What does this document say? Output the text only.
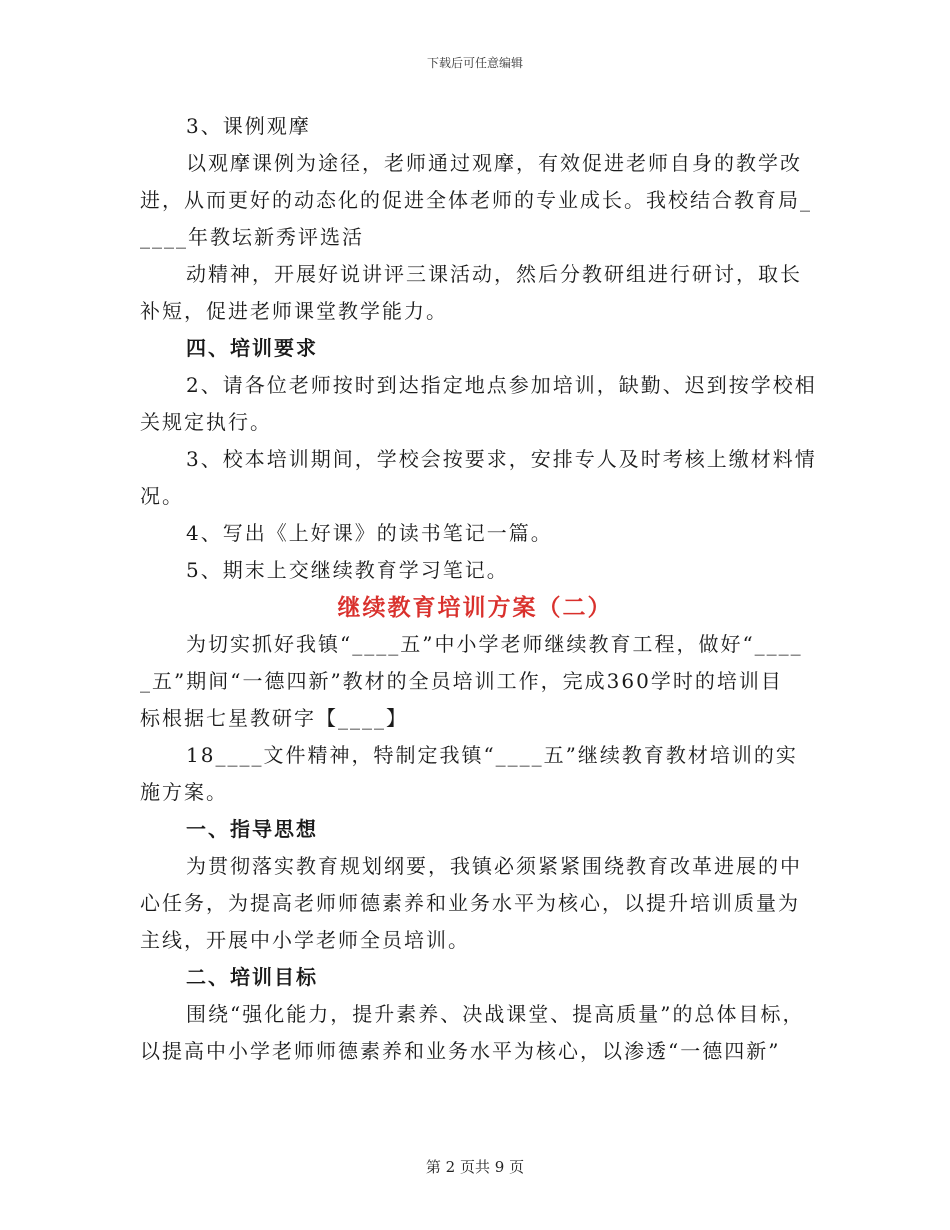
下载后可任意编辑
3、课例观摩
以观摩课例为途径，老师通过观摩，有效促进老师自身的教学改
进，从而更好的动态化的促进全体老师的专业成长。我校结合教育局_
____年教坛新秀评选活
动精神，开展好说讲评三课活动，然后分教研组进行研讨，取长
补短，促进老师课堂教学能力。
四、培训要求
2、请各位老师按时到达指定地点参加培训，缺勤、迟到按学校相
关规定执行。
3、校本培训期间，学校会按要求，安排专人及时考核上缴材料情
况。
4、写出《上好课》的读书笔记一篇。
5、期末上交继续教育学习笔记。
继续教育培训方案（二）
为切实抓好我镇“____五”中小学老师继续教育工程，做好“____
_五”期间“一德四新”教材的全员培训工作，完成360学时的培训目
标根据七星教研字【____】
18____文件精神，特制定我镇“____五”继续教育教材培训的实
施方案。
一、指导思想
为贯彻落实教育规划纲要，我镇必须紧紧围绕教育改革进展的中
心任务，为提高老师师德素养和业务水平为核心，以提升培训质量为
主线，开展中小学老师全员培训。
二、培训目标
围绕“强化能力，提升素养、决战课堂、提高质量”的总体目标，
以提高中小学老师师德素养和业务水平为核心，以渗透“一德四新”
第 2 页共 9 页
